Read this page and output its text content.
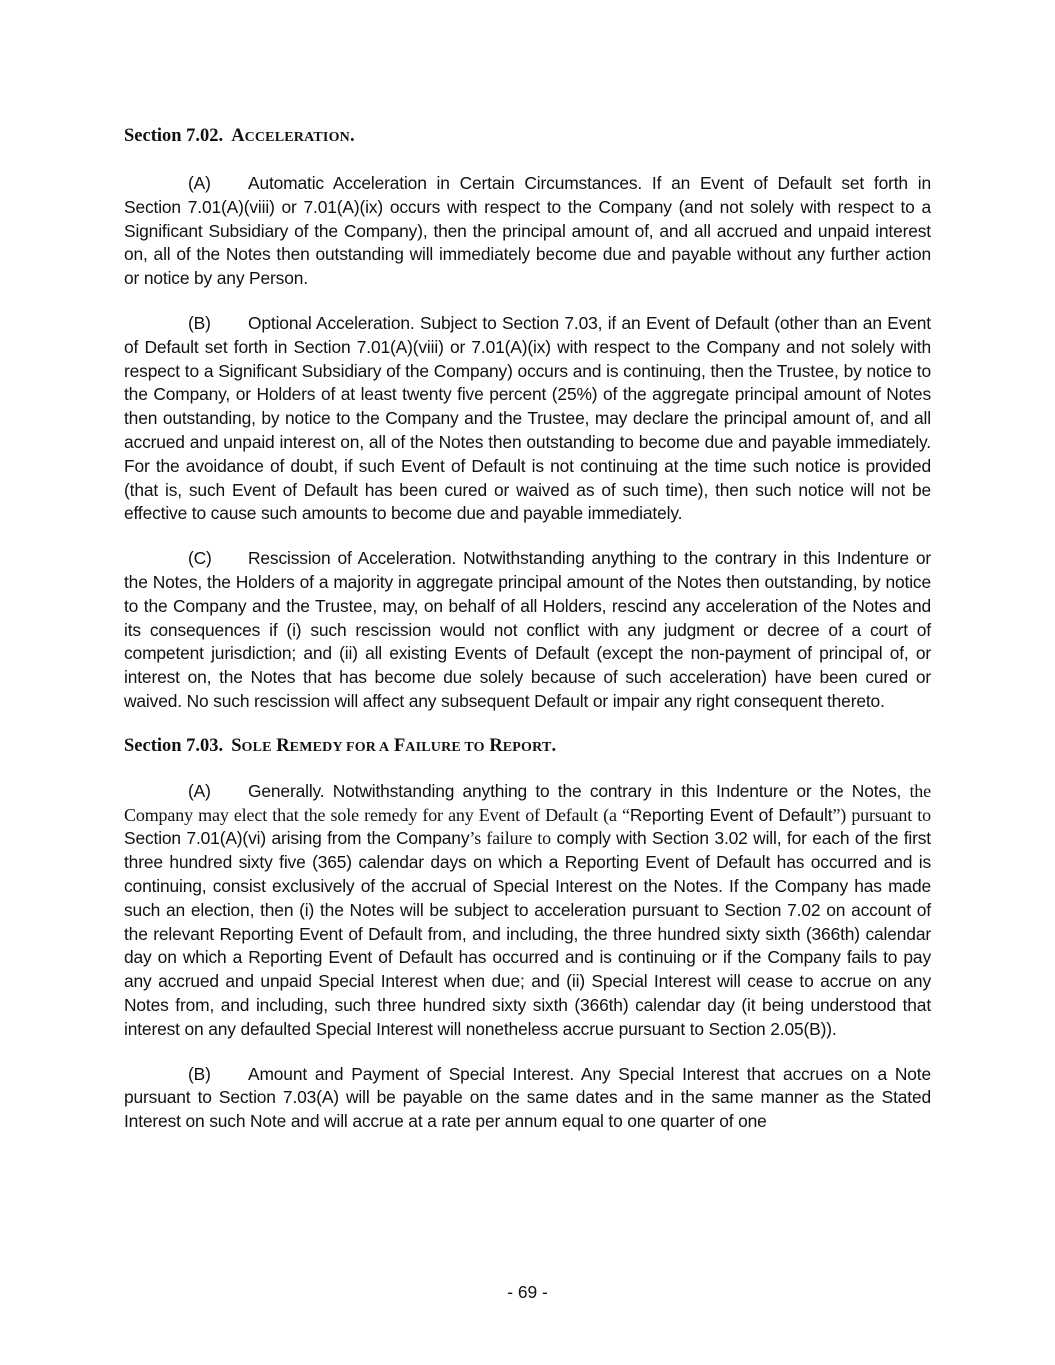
Section 7.02. ACCELERATION.

(A) Automatic Acceleration in Certain Circumstances. If an Event of Default set forth in Section 7.01(A)(viii) or 7.01(A)(ix) occurs with respect to the Company (and not solely with respect to a Significant Subsidiary of the Company), then the principal amount of, and all accrued and unpaid interest on, all of the Notes then outstanding will immediately become due and payable without any further action or notice by any Person.

(B) Optional Acceleration. Subject to Section 7.03, if an Event of Default (other than an Event of Default set forth in Section 7.01(A)(viii) or 7.01(A)(ix) with respect to the Company and not solely with respect to a Significant Subsidiary of the Company) occurs and is continuing, then the Trustee, by notice to the Company, or Holders of at least twenty five percent (25%) of the aggregate principal amount of Notes then outstanding, by notice to the Company and the Trustee, may declare the principal amount of, and all accrued and unpaid interest on, all of the Notes then outstanding to become due and payable immediately. For the avoidance of doubt, if such Event of Default is not continuing at the time such notice is provided (that is, such Event of Default has been cured or waived as of such time), then such notice will not be effective to cause such amounts to become due and payable immediately.

(C) Rescission of Acceleration. Notwithstanding anything to the contrary in this Indenture or the Notes, the Holders of a majority in aggregate principal amount of the Notes then outstanding, by notice to the Company and the Trustee, may, on behalf of all Holders, rescind any acceleration of the Notes and its consequences if (i) such rescission would not conflict with any judgment or decree of a court of competent jurisdiction; and (ii) all existing Events of Default (except the non-payment of principal of, or interest on, the Notes that has become due solely because of such acceleration) have been cured or waived. No such rescission will affect any subsequent Default or impair any right consequent thereto.

Section 7.03. SOLE REMEDY FOR A FAILURE TO REPORT.

(A) Generally. Notwithstanding anything to the contrary in this Indenture or the Notes, the Company may elect that the sole remedy for any Event of Default (a “Reporting Event of Default”) pursuant to Section 7.01(A)(vi) arising from the Company’s failure to comply with Section 3.02 will, for each of the first three hundred sixty five (365) calendar days on which a Reporting Event of Default has occurred and is continuing, consist exclusively of the accrual of Special Interest on the Notes. If the Company has made such an election, then (i) the Notes will be subject to acceleration pursuant to Section 7.02 on account of the relevant Reporting Event of Default from, and including, the three hundred sixty sixth (366th) calendar day on which a Reporting Event of Default has occurred and is continuing or if the Company fails to pay any accrued and unpaid Special Interest when due; and (ii) Special Interest will cease to accrue on any Notes from, and including, such three hundred sixty sixth (366th) calendar day (it being understood that interest on any defaulted Special Interest will nonetheless accrue pursuant to Section 2.05(B)).

(B) Amount and Payment of Special Interest. Any Special Interest that accrues on a Note pursuant to Section 7.03(A) will be payable on the same dates and in the same manner as the Stated Interest on such Note and will accrue at a rate per annum equal to one quarter of one

- 69 -
